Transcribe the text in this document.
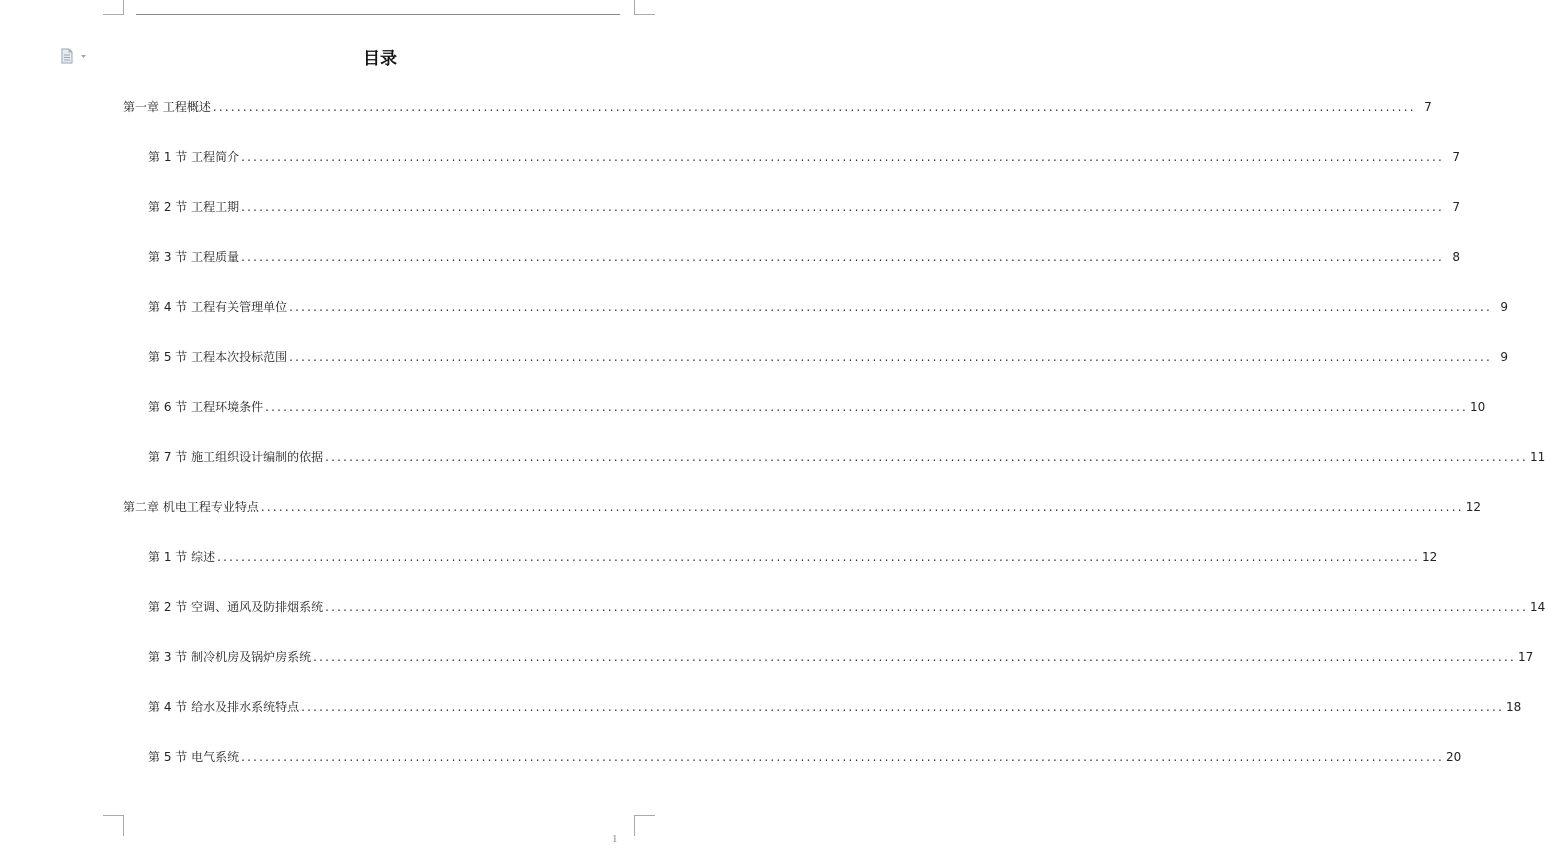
目录
第一章 工程概述 ........................................................................................................................................................................................................ 7
第 1 节 工程简介 ........................................................................................................................................................................................................ 7
第 2 节 工程工期 ........................................................................................................................................................................................................ 7
第 3 节 工程质量 ........................................................................................................................................................................................................ 8
第 4 节 工程有关管理单位 ........................................................................................................................................................................................................ 9
第 5 节 工程本次投标范围 ........................................................................................................................................................................................................ 9
第 6 节 工程环境条件 ........................................................................................................................................................................................................ 10
第 7 节 施工组织设计编制的依据 ........................................................................................................................................................................................................ 11
第二章 机电工程专业特点 ........................................................................................................................................................................................................ 12
第 1 节 综述 ........................................................................................................................................................................................................ 12
第 2 节 空调、通风及防排烟系统 ........................................................................................................................................................................................................ 14
第 3 节 制冷机房及锅炉房系统 ........................................................................................................................................................................................................ 17
第 4 节 给水及排水系统特点 ........................................................................................................................................................................................................ 18
第 5 节 电气系统 ........................................................................................................................................................................................................ 20
1
